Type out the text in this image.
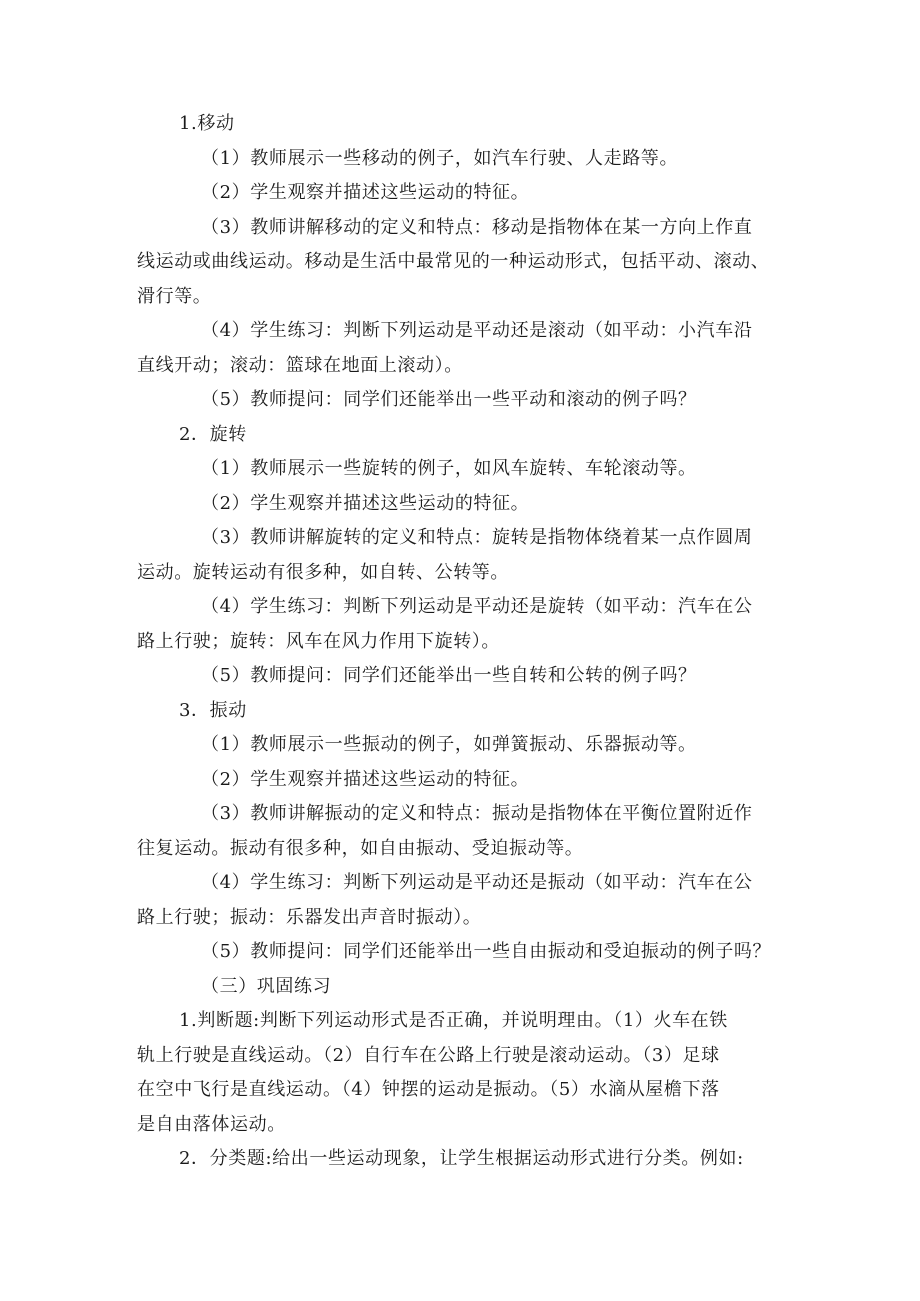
1.移动
（1）教师展示一些移动的例子，如汽车行驶、人走路等。
（2）学生观察并描述这些运动的特征。
（3）教师讲解移动的定义和特点：移动是指物体在某一方向上作直
线运动或曲线运动。移动是生活中最常见的一种运动形式，包括平动、滚动、
滑行等。
（4）学生练习：判断下列运动是平动还是滚动（如平动：小汽车沿
直线开动；滚动：篮球在地面上滚动）。
（5）教师提问：同学们还能举出一些平动和滚动的例子吗？
2．旋转
（1）教师展示一些旋转的例子，如风车旋转、车轮滚动等。
（2）学生观察并描述这些运动的特征。
（3）教师讲解旋转的定义和特点：旋转是指物体绕着某一点作圆周
运动。旋转运动有很多种，如自转、公转等。
（4）学生练习：判断下列运动是平动还是旋转（如平动：汽车在公
路上行驶；旋转：风车在风力作用下旋转）。
（5）教师提问：同学们还能举出一些自转和公转的例子吗？
3．振动
（1）教师展示一些振动的例子，如弹簧振动、乐器振动等。
（2）学生观察并描述这些运动的特征。
（3）教师讲解振动的定义和特点：振动是指物体在平衡位置附近作
往复运动。振动有很多种，如自由振动、受迫振动等。
（4）学生练习：判断下列运动是平动还是振动（如平动：汽车在公
路上行驶；振动：乐器发出声音时振动）。
（5）教师提问：同学们还能举出一些自由振动和受迫振动的例子吗？
（三）巩固练习
1.判断题:判断下列运动形式是否正确，并说明理由。（1）火车在铁
轨上行驶是直线运动。（2）自行车在公路上行驶是滚动运动。（3）足球
在空中飞行是直线运动。（4）钟摆的运动是振动。（5）水滴从屋檐下落
是自由落体运动。
2．分类题:给出一些运动现象，让学生根据运动形式进行分类。例如:
